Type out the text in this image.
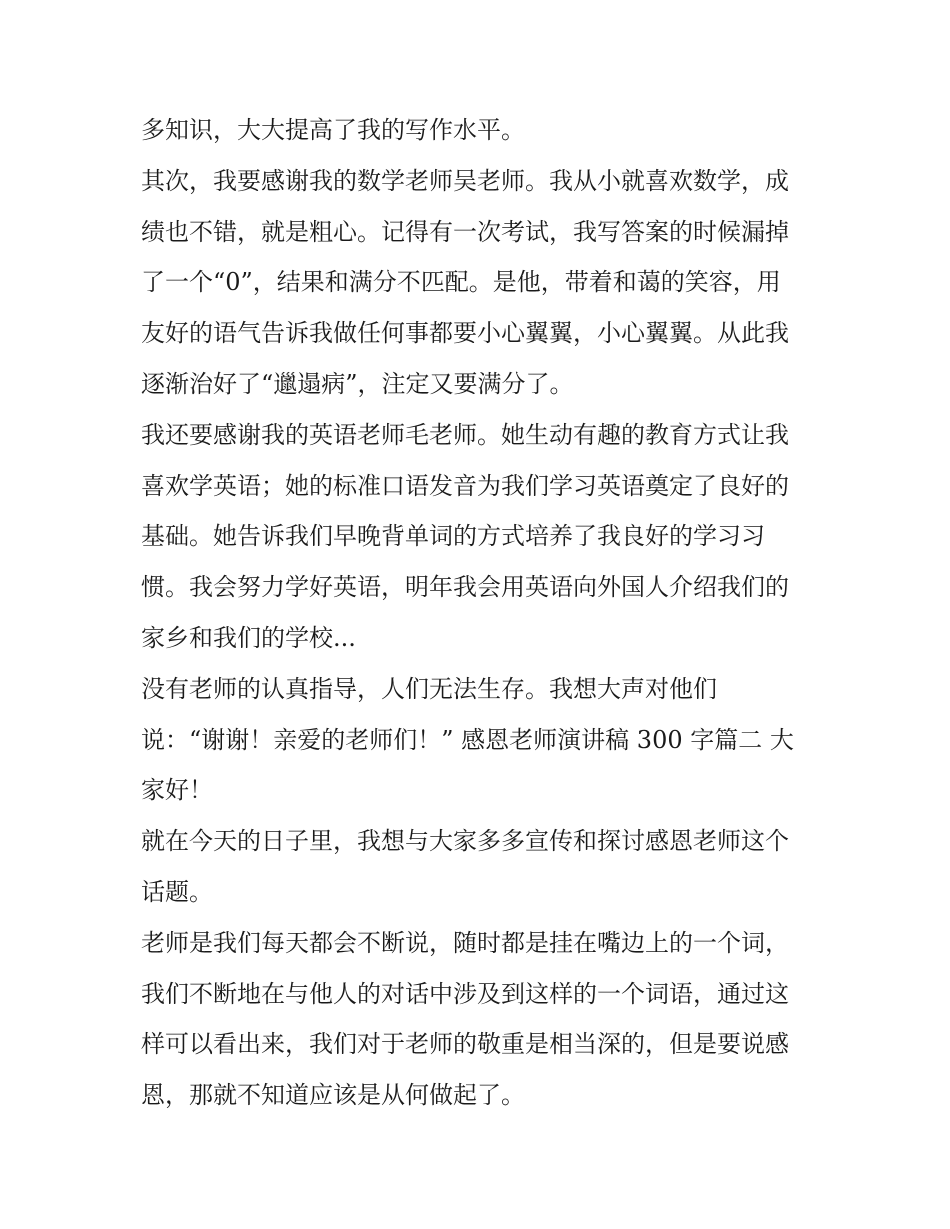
多知识，大大提高了我的写作水平。
其次，我要感谢我的数学老师吴老师。我从小就喜欢数学，成
绩也不错，就是粗心。记得有一次考试，我写答案的时候漏掉
了一个“0”，结果和满分不匹配。是他，带着和蔼的笑容，用
友好的语气告诉我做任何事都要小心翼翼，小心翼翼。从此我
逐渐治好了“邋遢病”，注定又要满分了。
我还要感谢我的英语老师毛老师。她生动有趣的教育方式让我
喜欢学英语；她的标准口语发音为我们学习英语奠定了良好的
基础。她告诉我们早晚背单词的方式培养了我良好的学习习
惯。我会努力学好英语，明年我会用英语向外国人介绍我们的
家乡和我们的学校...
没有老师的认真指导，人们无法生存。我想大声对他们
说：“谢谢！亲爱的老师们！” 感恩老师演讲稿 300 字篇二 大
家好！
就在今天的日子里，我想与大家多多宣传和探讨感恩老师这个
话题。
老师是我们每天都会不断说，随时都是挂在嘴边上的一个词，
我们不断地在与他人的对话中涉及到这样的一个词语，通过这
样可以看出来，我们对于老师的敬重是相当深的，但是要说感
恩，那就不知道应该是从何做起了。
